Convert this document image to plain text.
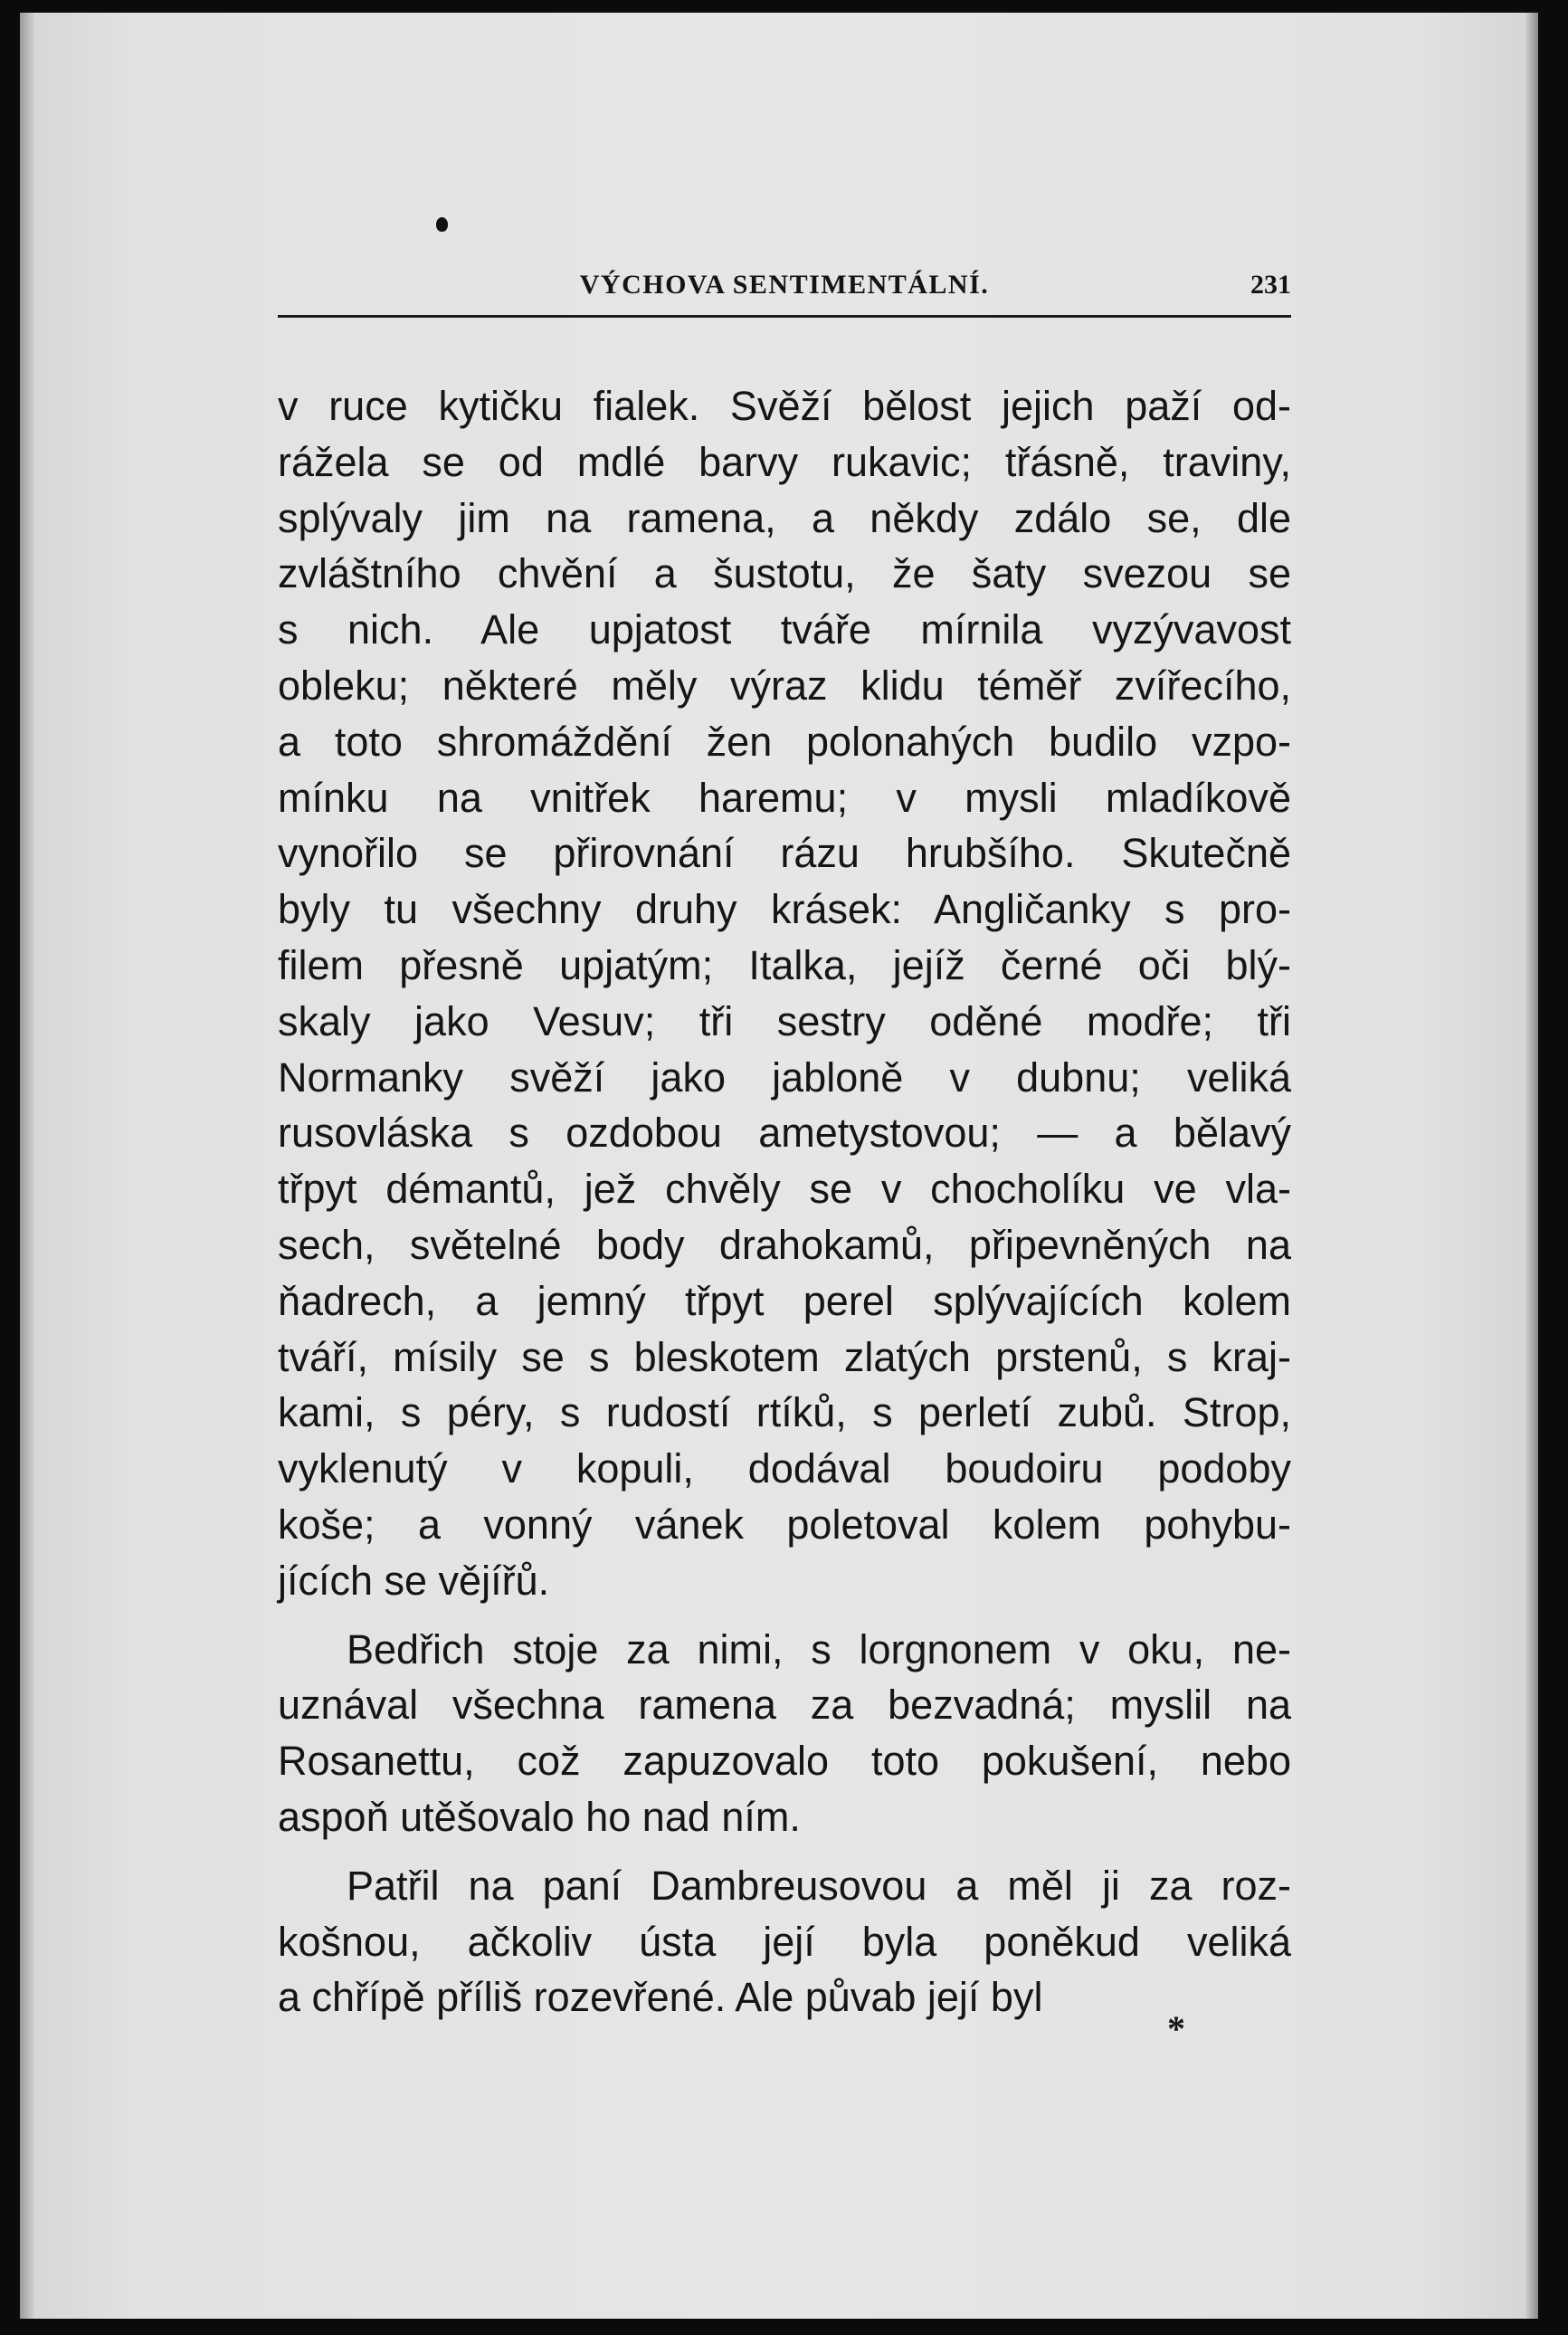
VÝCHOVA SENTIMENTÁLNÍ.	231
v ruce kytičku fialek. Svěží bělost jejich paží od-
rážela se od mdlé barvy rukavic; třásně, traviny,
splývaly jim na ramena, a někdy zdálo se, dle
zvláštního chvění a šustotu, že šaty svezou se
s nich. Ale upjatost tváře mírnila vyzývavost
obleku; některé měly výraz klidu téměř zvířecího,
a toto shromáždění žen polonahých budilo vzpo-
mínku na vnitřek haremu; v mysli mladíkově
vynořilo se přirovnání rázu hrubšího. Skutečně
byly tu všechny druhy krásek: Angličanky s pro-
filem přesně upjatým; Italka, jejíž černé oči blý-
skaly jako Vesuv; tři sestry oděné modře; tři
Normanky svěží jako jabloně v dubnu; veliká
rusovláska s ozdobou ametystovou; — a bělavý
třpyt démantů, jež chvěly se v chocholíku ve vla-
sech, světelné body drahokamů, připevněných na
ňadrech, a jemný třpyt perel splývajících kolem
tváří, mísily se s bleskotem zlatých prstenů, s kraj-
kami, s péry, s rudostí rtíků, s perletí zubů. Strop,
vyklenutý v kopuli, dodával boudoiru podoby
koše; a vonný vánek poletoval kolem pohybu-
jících se vějířů.
Bedřich stoje za nimi, s lorgnonem v oku, ne-
uznával všechna ramena za bezvadná; myslil na
Rosanettu, což zapuzovalo toto pokušení, nebo
aspoň utěšovalo ho nad ním.
Patřil na paní Dambreusovou a měl ji za roz-
košnou, ačkoliv ústa její byla poněkud veliká
a chřípě příliš rozevřené. Ale půvab její byl
*
